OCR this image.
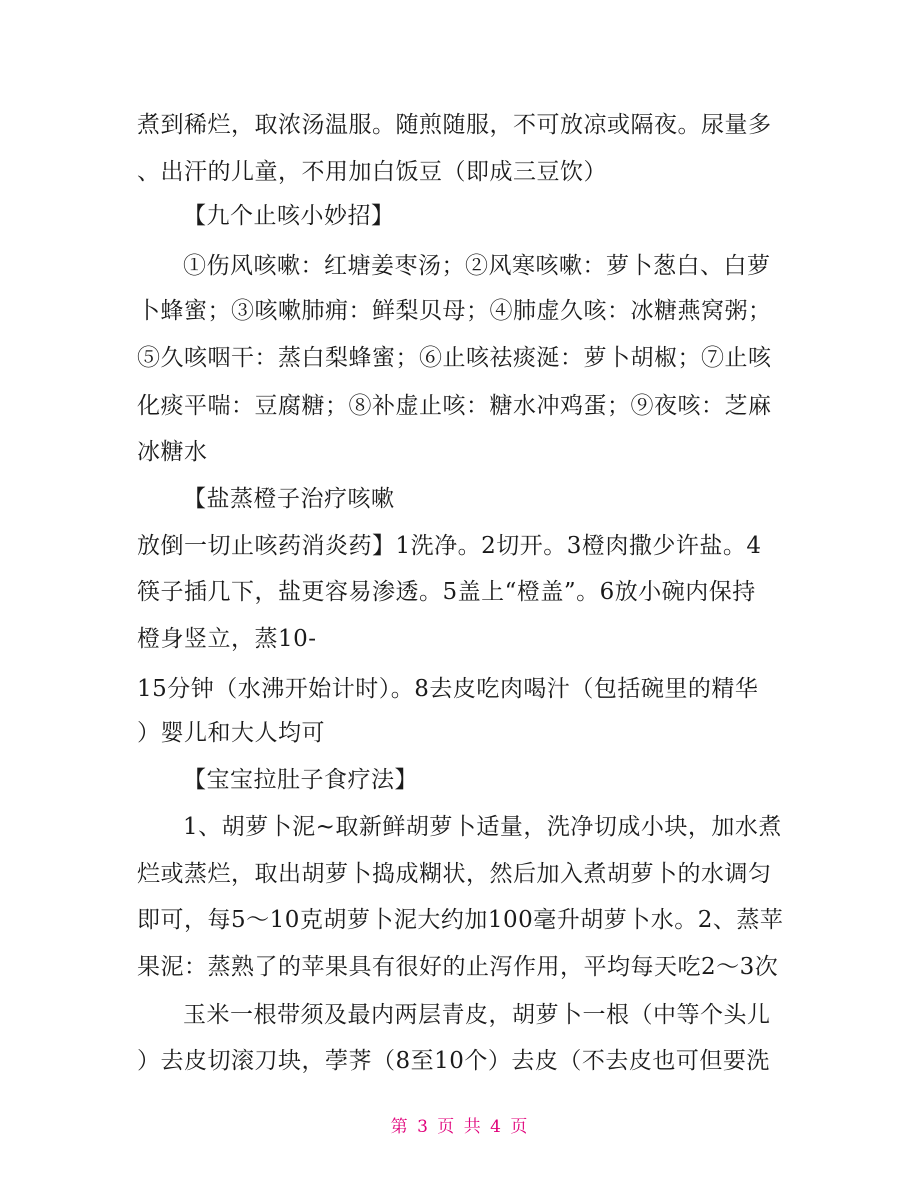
煮到稀烂，取浓汤温服。随煎随服，不可放凉或隔夜。尿量多
、出汗的儿童，不用加白饭豆（即成三豆饮）
【九个止咳小妙招】
①伤风咳嗽：红塘姜枣汤；②风寒咳嗽：萝卜葱白、白萝
卜蜂蜜；③咳嗽肺痈：鲜梨贝母；④肺虚久咳：冰糖燕窝粥；
⑤久咳咽干：蒸白梨蜂蜜；⑥止咳祛痰涎：萝卜胡椒；⑦止咳
化痰平喘：豆腐糖；⑧补虚止咳：糖水冲鸡蛋；⑨夜咳：芝麻
冰糖水
【盐蒸橙子治疗咳嗽
放倒一切止咳药消炎药】1洗净。2切开。3橙肉撒少许盐。4
筷子插几下，盐更容易渗透。5盖上“橙盖”。6放小碗内保持
橙身竖立，蒸10-
15分钟（水沸开始计时）。8去皮吃肉喝汁（包括碗里的精华
）婴儿和大人均可
【宝宝拉肚子食疗法】
1、胡萝卜泥~取新鲜胡萝卜适量，洗净切成小块，加水煮
烂或蒸烂，取出胡萝卜捣成糊状，然后加入煮胡萝卜的水调匀
即可，每5～10克胡萝卜泥大约加100毫升胡萝卜水。2、蒸苹
果泥：蒸熟了的苹果具有很好的止泻作用，平均每天吃2～3次
玉米一根带须及最内两层青皮，胡萝卜一根（中等个头儿
）去皮切滚刀块，荸荠（8至10个）去皮（不去皮也可但要洗
第 3 页 共 4 页
